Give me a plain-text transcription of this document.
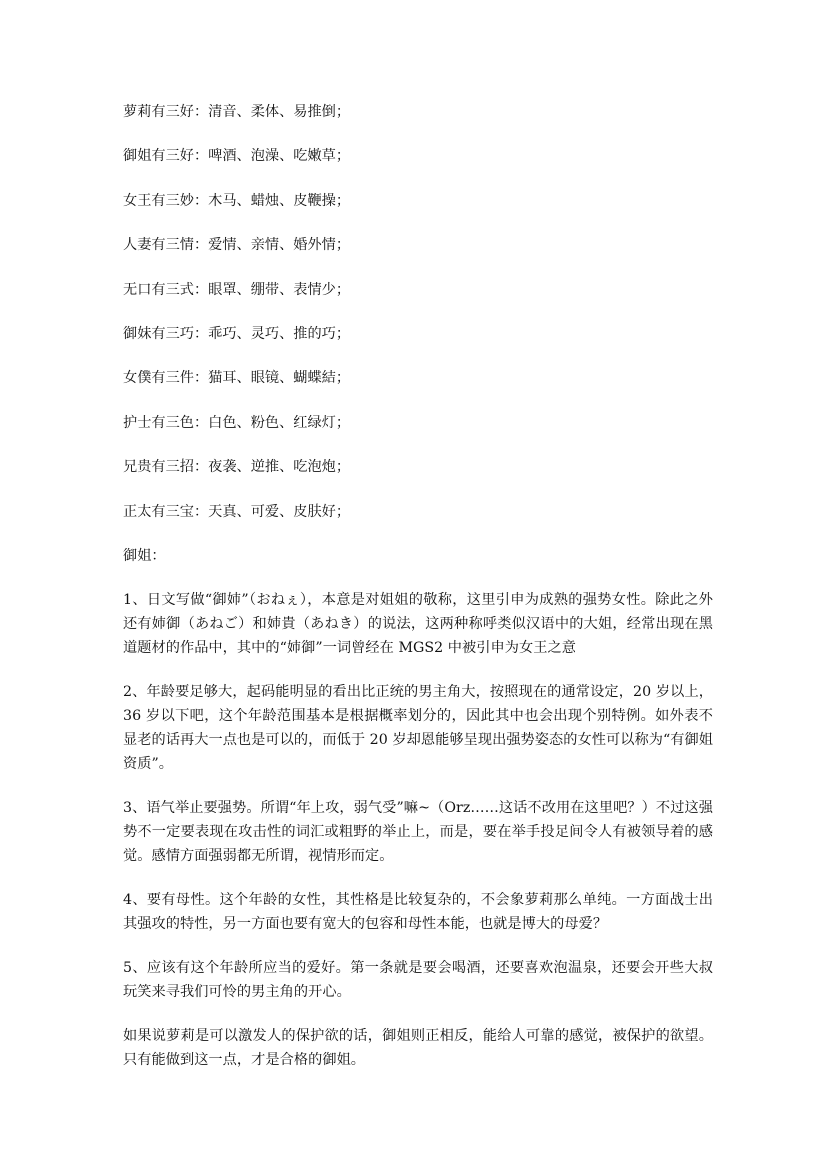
萝莉有三好：清音、柔体、易推倒；
御姐有三好：啤酒、泡澡、吃嫩草；
女王有三妙：木马、蜡烛、皮鞭操；
人妻有三情：爱情、亲情、婚外情；
无口有三式：眼罩、绷带、表情少；
御妹有三巧：乖巧、灵巧、推的巧；
女僕有三件：猫耳、眼镜、蝴蝶結；
护士有三色：白色、粉色、红绿灯；
兄贵有三招：夜袭、逆推、吃泡炮；
正太有三宝：天真、可爱、皮肤好；
御姐：

1、日文写做“御姉”（おねぇ），本意是对姐姐的敬称，这里引申为成熟的强势女性。除此之外还有姉御（あねご）和姉貴（あねき）的说法，这两种称呼类似汉语中的大姐，经常出现在黑道题材的作品中，其中的“姉御”一词曾经在 MGS2 中被引申为女王之意

2、年龄要足够大，起码能明显的看出比正统的男主角大，按照现在的通常设定，20 岁以上，36 岁以下吧，这个年龄范围基本是根据概率划分的，因此其中也会出现个别特例。如外表不显老的话再大一点也是可以的，而低于 20 岁却恩能够呈现出强势姿态的女性可以称为“有御姐资质”。

3、语气举止要强势。所谓“年上攻，弱气受”嘛~（Orz……这话不改用在这里吧？）不过这强势不一定要表现在攻击性的词汇或粗野的举止上，而是，要在举手投足间令人有被领导着的感觉。感情方面强弱都无所谓，视情形而定。

4、要有母性。这个年龄的女性，其性格是比较复杂的，不会象萝莉那么单纯。一方面战士出其强攻的特性，另一方面也要有宽大的包容和母性本能，也就是博大的母爱？

5、应该有这个年龄所应当的爱好。第一条就是要会喝酒，还要喜欢泡温泉，还要会开些大叔玩笑来寻我们可怜的男主角的开心。

如果说萝莉是可以激发人的保护欲的话，御姐则正相反，能给人可靠的感觉，被保护的欲望。只有能做到这一点，才是合格的御姐。
